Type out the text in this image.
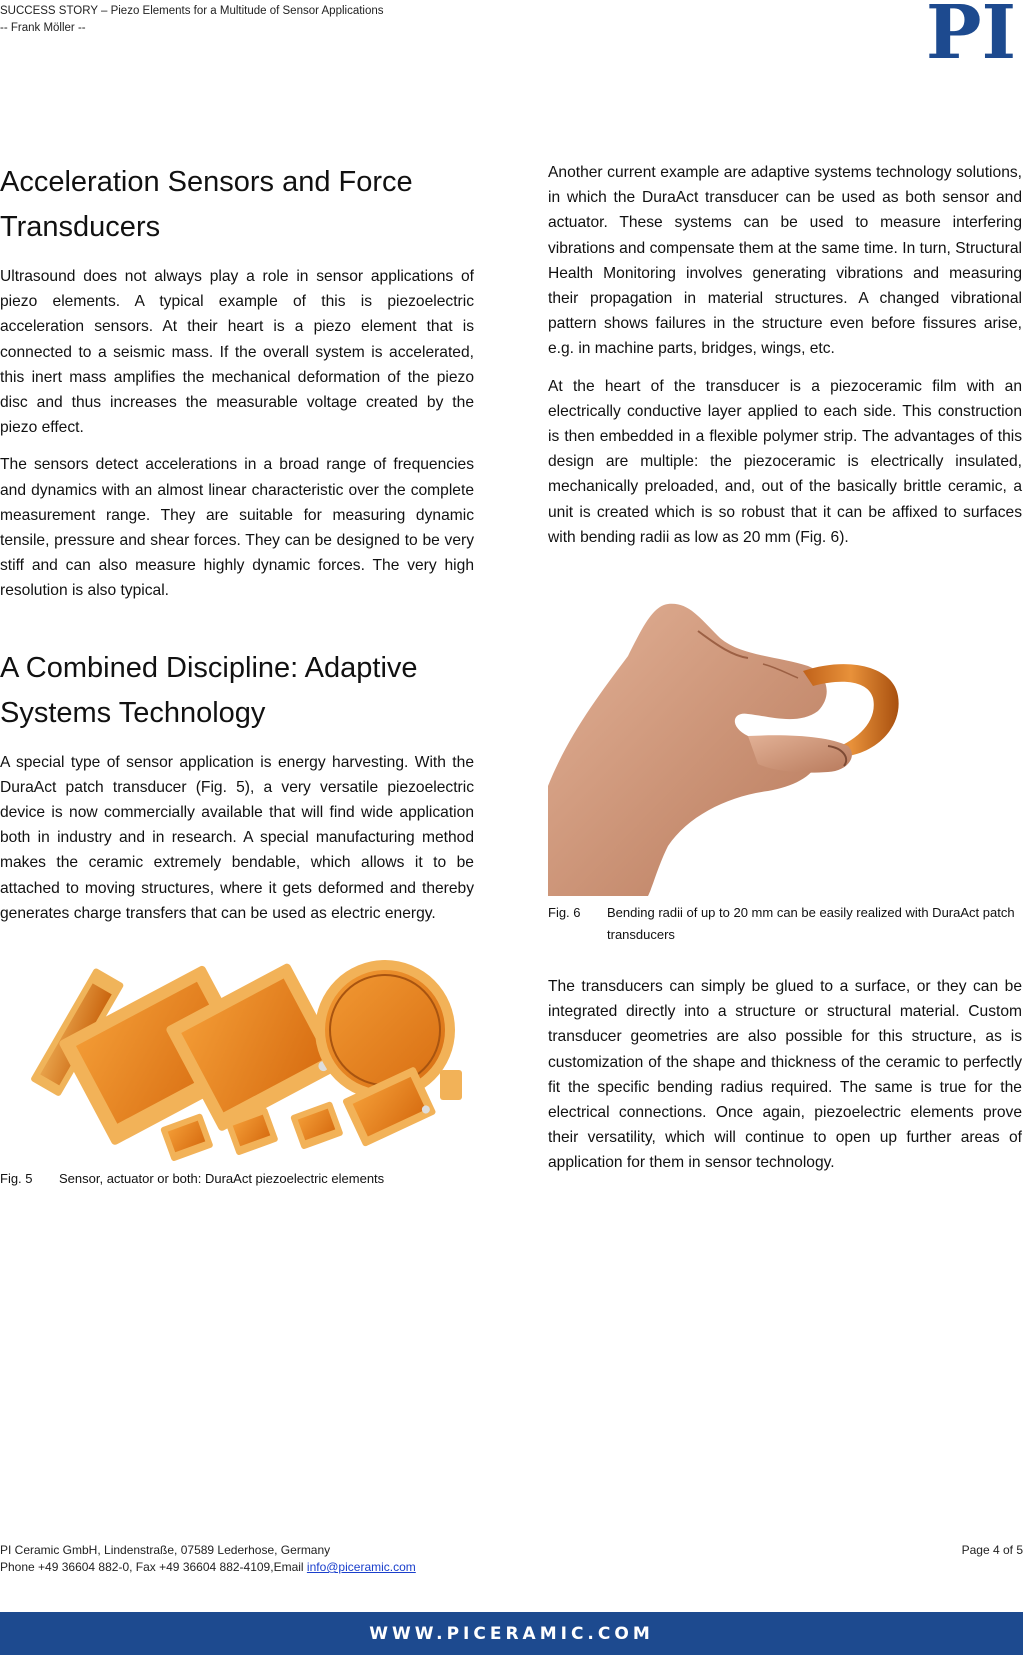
SUCCESS STORY – Piezo Elements for a Multitude of Sensor Applications
-- Frank Möller --	PI
Acceleration Sensors and Force Transducers

Ultrasound does not always play a role in sensor applications of piezo elements. A typical example of this is piezoelectric acceleration sensors. At their heart is a piezo element that is connected to a seismic mass. If the overall system is accelerated, this inert mass amplifies the mechanical deformation of the piezo disc and thus increases the measurable voltage created by the piezo effect.

The sensors detect accelerations in a broad range of frequencies and dynamics with an almost linear characteristic over the complete measurement range. They are suitable for measuring dynamic tensile, pressure and shear forces. They can be designed to be very stiff and can also measure highly dynamic forces. The very high resolution is also typical.

A Combined Discipline: Adaptive Systems Technology

A special type of sensor application is energy harvesting. With the DuraAct patch transducer (Fig. 5), a very versatile piezoelectric device is now commercially available that will find wide application both in industry and in research. A special manufacturing method makes the ceramic extremely bendable, which allows it to be attached to moving structures, where it gets deformed and thereby generates charge transfers that can be used as electric energy.

Fig. 5	Sensor, actuator or both: DuraAct piezoelectric elements

Another current example are adaptive systems technology solutions, in which the DuraAct transducer can be used as both sensor and actuator. These systems can be used to measure interfering vibrations and compensate them at the same time. In turn, Structural Health Monitoring involves generating vibrations and measuring their propagation in material structures. A changed vibrational pattern shows failures in the structure even before fissures arise, e.g. in machine parts, bridges, wings, etc.

At the heart of the transducer is a piezoceramic film with an electrically conductive layer applied to each side. This construction is then embedded in a flexible polymer strip. The advantages of this design are multiple: the piezoceramic is electrically insulated, mechanically preloaded, and, out of the basically brittle ceramic, a unit is created which is so robust that it can be affixed to surfaces with bending radii as low as 20 mm (Fig. 6).

Fig. 6	Bending radii of up to 20 mm can be easily realized with DuraAct patch transducers

The transducers can simply be glued to a surface, or they can be integrated directly into a structure or structural material. Custom transducer geometries are also possible for this structure, as is customization of the shape and thickness of the ceramic to perfectly fit the specific bending radius required. The same is true for the electrical connections. Once again, piezoelectric elements prove their versatility, which will continue to open up further areas of application for them in sensor technology.

PI Ceramic GmbH, Lindenstraße, 07589 Lederhose, Germany
Phone +49 36604 882-0, Fax +49 36604 882-4109,Email info@piceramic.com
Page 4 of 5
WWW.PICERAMIC.COM
